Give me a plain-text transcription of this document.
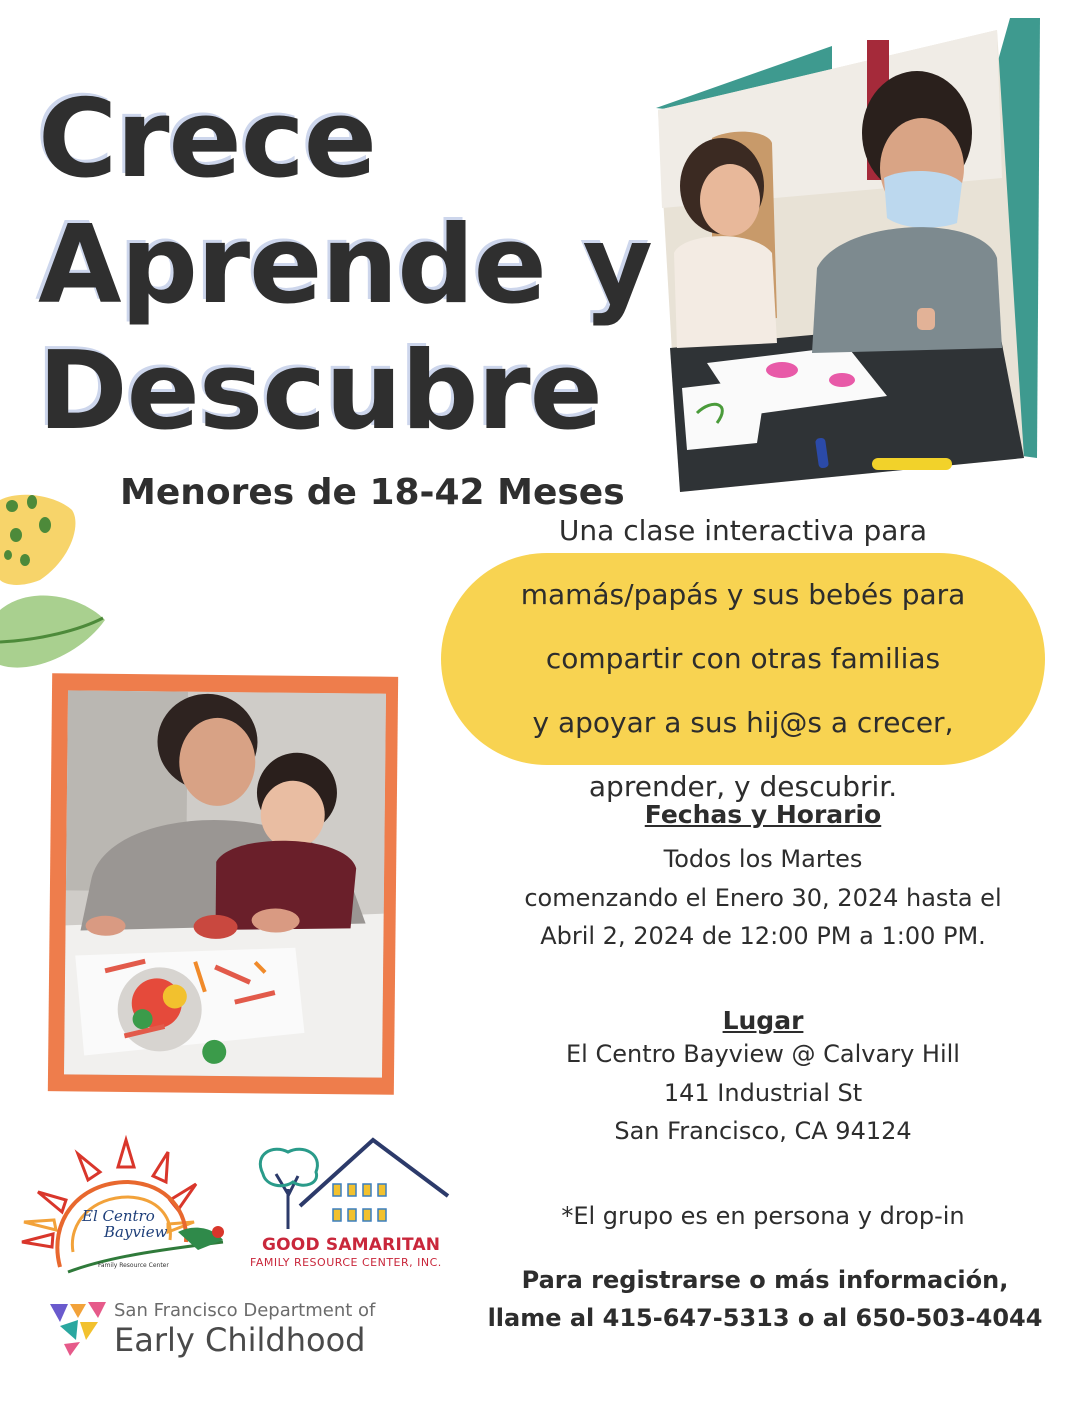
Crece
Aprende y
Descubre
Menores de 18-42 Meses

Una clase interactiva para

mamás/papás y sus bebés para

compartir con otras familias

y apoyar a sus hij@s a crecer,

aprender, y descubrir.

Fechas y Horario
Todos los Martes
comenzando el Enero 30, 2024 hasta el
Abril 2, 2024 de 12:00 PM a 1:00 PM.
Lugar
El Centro Bayview @ Calvary Hill
141 Industrial St
San Francisco, CA 94124
*El grupo es en persona y drop-in
Para registrarse o más información,
llame al 415-647-5313 o al 650-503-4044
El Centro
Bayview
Family Resource Center
GOOD SAMARITAN
FAMILY RESOURCE CENTER, INC.
San Francisco Department of
Early Childhood
